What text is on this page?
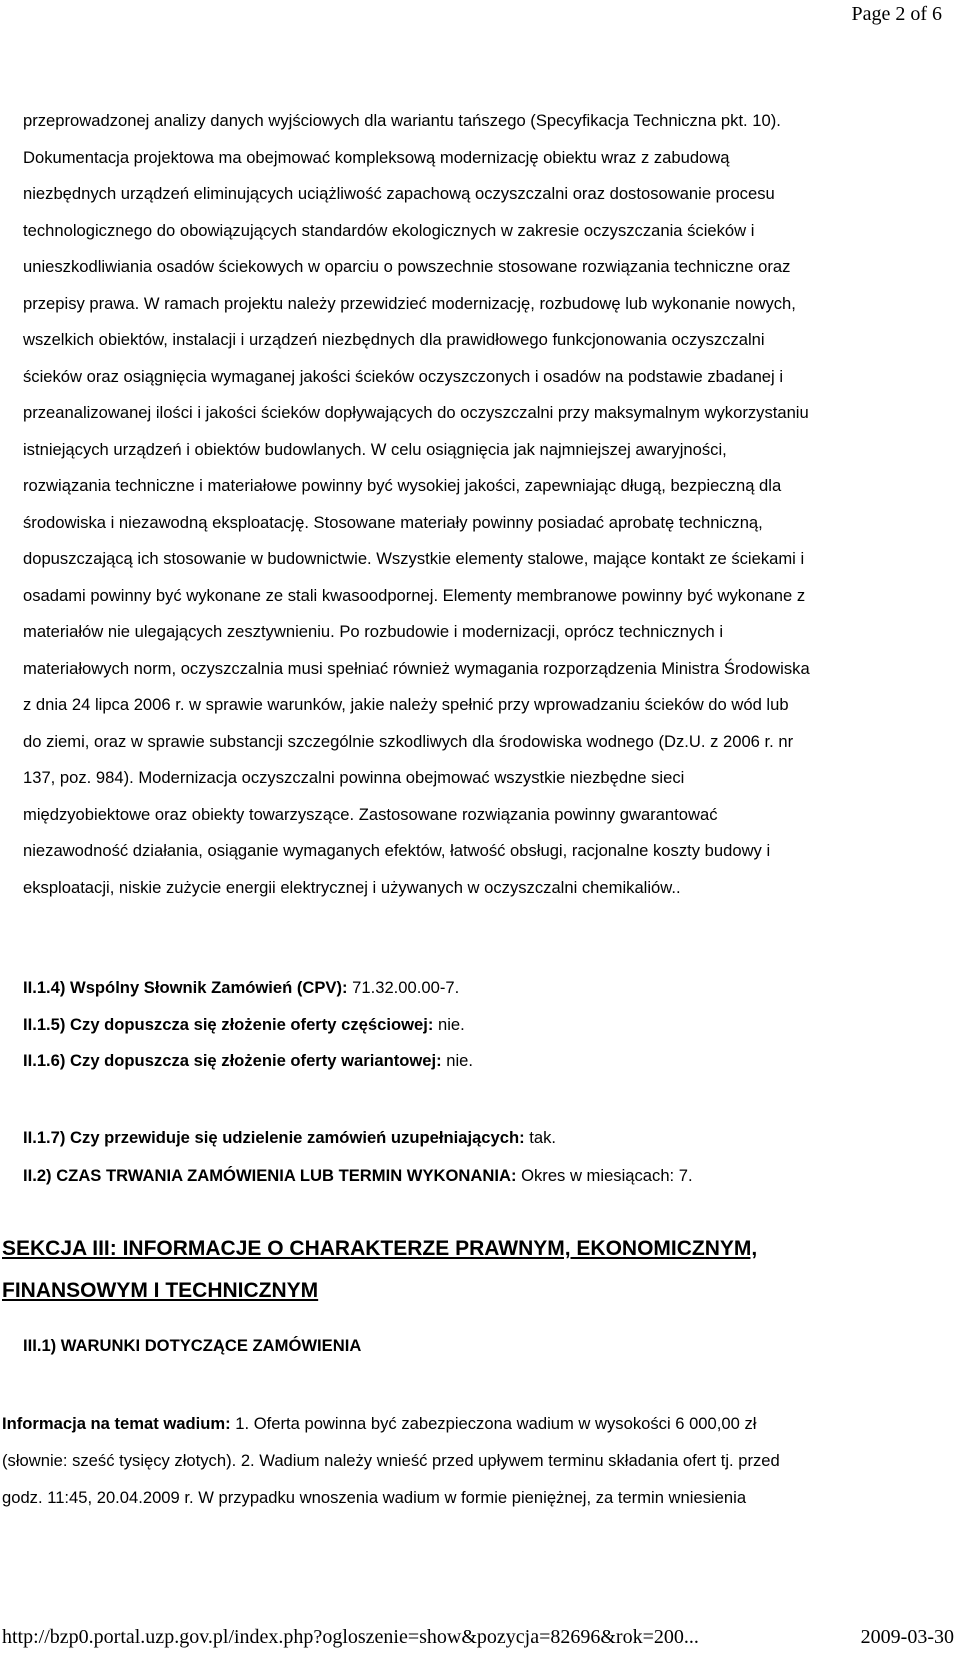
Page 2 of 6

przeprowadzonej analizy danych wyjściowych dla wariantu tańszego (Specyfikacja Techniczna pkt. 10).
Dokumentacja projektowa ma obejmować kompleksową modernizację obiektu wraz z zabudową
niezbędnych urządzeń eliminujących uciążliwość zapachową oczyszczalni oraz dostosowanie procesu
technologicznego do obowiązujących standardów ekologicznych w zakresie oczyszczania ścieków i
unieszkodliwiania osadów ściekowych w oparciu o powszechnie stosowane rozwiązania techniczne oraz
przepisy prawa. W ramach projektu należy przewidzieć modernizację, rozbudowę lub wykonanie nowych,
wszelkich obiektów, instalacji i urządzeń niezbędnych dla prawidłowego funkcjonowania oczyszczalni
ścieków oraz osiągnięcia wymaganej jakości ścieków oczyszczonych i osadów na podstawie zbadanej i
przeanalizowanej ilości i jakości ścieków dopływających do oczyszczalni przy maksymalnym wykorzystaniu
istniejących urządzeń i obiektów budowlanych. W celu osiągnięcia jak najmniejszej awaryjności,
rozwiązania techniczne i materiałowe powinny być wysokiej jakości, zapewniając długą, bezpieczną dla
środowiska i niezawodną eksploatację. Stosowane materiały powinny posiadać aprobatę techniczną,
dopuszczającą ich stosowanie w budownictwie. Wszystkie elementy stalowe, mające kontakt ze ściekami i
osadami powinny być wykonane ze stali kwasoodpornej. Elementy membranowe powinny być wykonane z
materiałów nie ulegających zesztywnieniu. Po rozbudowie i modernizacji, oprócz technicznych i
materiałowych norm, oczyszczalnia musi spełniać również wymagania rozporządzenia Ministra Środowiska
z dnia 24 lipca 2006 r. w sprawie warunków, jakie należy spełnić przy wprowadzaniu ścieków do wód lub
do ziemi, oraz w sprawie substancji szczególnie szkodliwych dla środowiska wodnego (Dz.U. z 2006 r. nr
137, poz. 984). Modernizacja oczyszczalni powinna obejmować wszystkie niezbędne sieci
międzyobiektowe oraz obiekty towarzyszące. Zastosowane rozwiązania powinny gwarantować
niezawodność działania, osiąganie wymaganych efektów, łatwość obsługi, racjonalne koszty budowy i
eksploatacji, niskie zużycie energii elektrycznej i używanych w oczyszczalni chemikaliów..

II.1.4) Wspólny Słownik Zamówień (CPV): 71.32.00.00-7.

II.1.5) Czy dopuszcza się złożenie oferty częściowej: nie.

II.1.6) Czy dopuszcza się złożenie oferty wariantowej: nie.

II.1.7) Czy przewiduje się udzielenie zamówień uzupełniających: tak.

II.2) CZAS TRWANIA ZAMÓWIENIA LUB TERMIN WYKONANIA: Okres w miesiącach: 7.

SEKCJA III: INFORMACJE O CHARAKTERZE PRAWNYM, EKONOMICZNYM,
FINANSOWYM I TECHNICZNYM

III.1) WARUNKI DOTYCZĄCE ZAMÓWIENIA

Informacja na temat wadium: 1. Oferta powinna być zabezpieczona wadium w wysokości 6 000,00 zł
(słownie: sześć tysięcy złotych). 2. Wadium należy wnieść przed upływem terminu składania ofert tj. przed
godz. 11:45, 20.04.2009 r. W przypadku wnoszenia wadium w formie pieniężnej, za termin wniesienia

http://bzp0.portal.uzp.gov.pl/index.php?ogloszenie=show&pozycja=82696&rok=200...	2009-03-30
